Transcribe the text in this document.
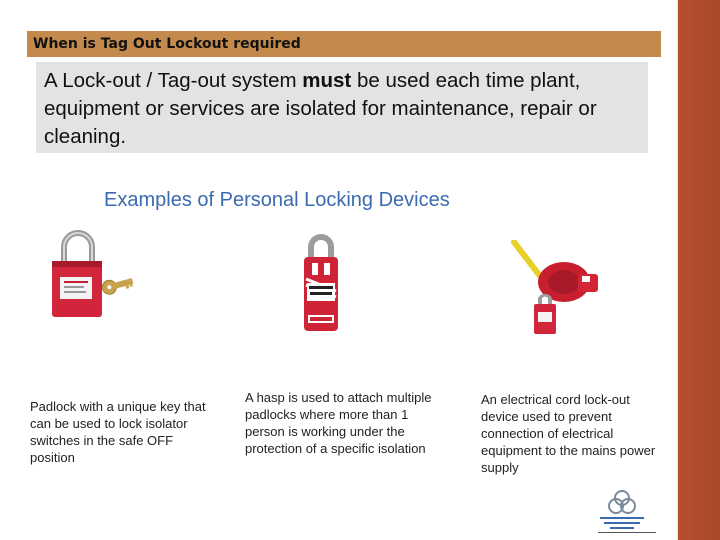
When is Tag Out Lockout required
A Lock-out / Tag-out system must be used each time plant, equipment or services are isolated for maintenance, repair or cleaning.
Examples of Personal Locking Devices
Padlock with a unique key that can be used to lock isolator switches in the safe OFF position
A hasp is used to attach multiple padlocks where more than 1 person is working under the protection of a specific isolation
An electrical cord lock-out device used to prevent connection of electrical equipment to the mains power supply
